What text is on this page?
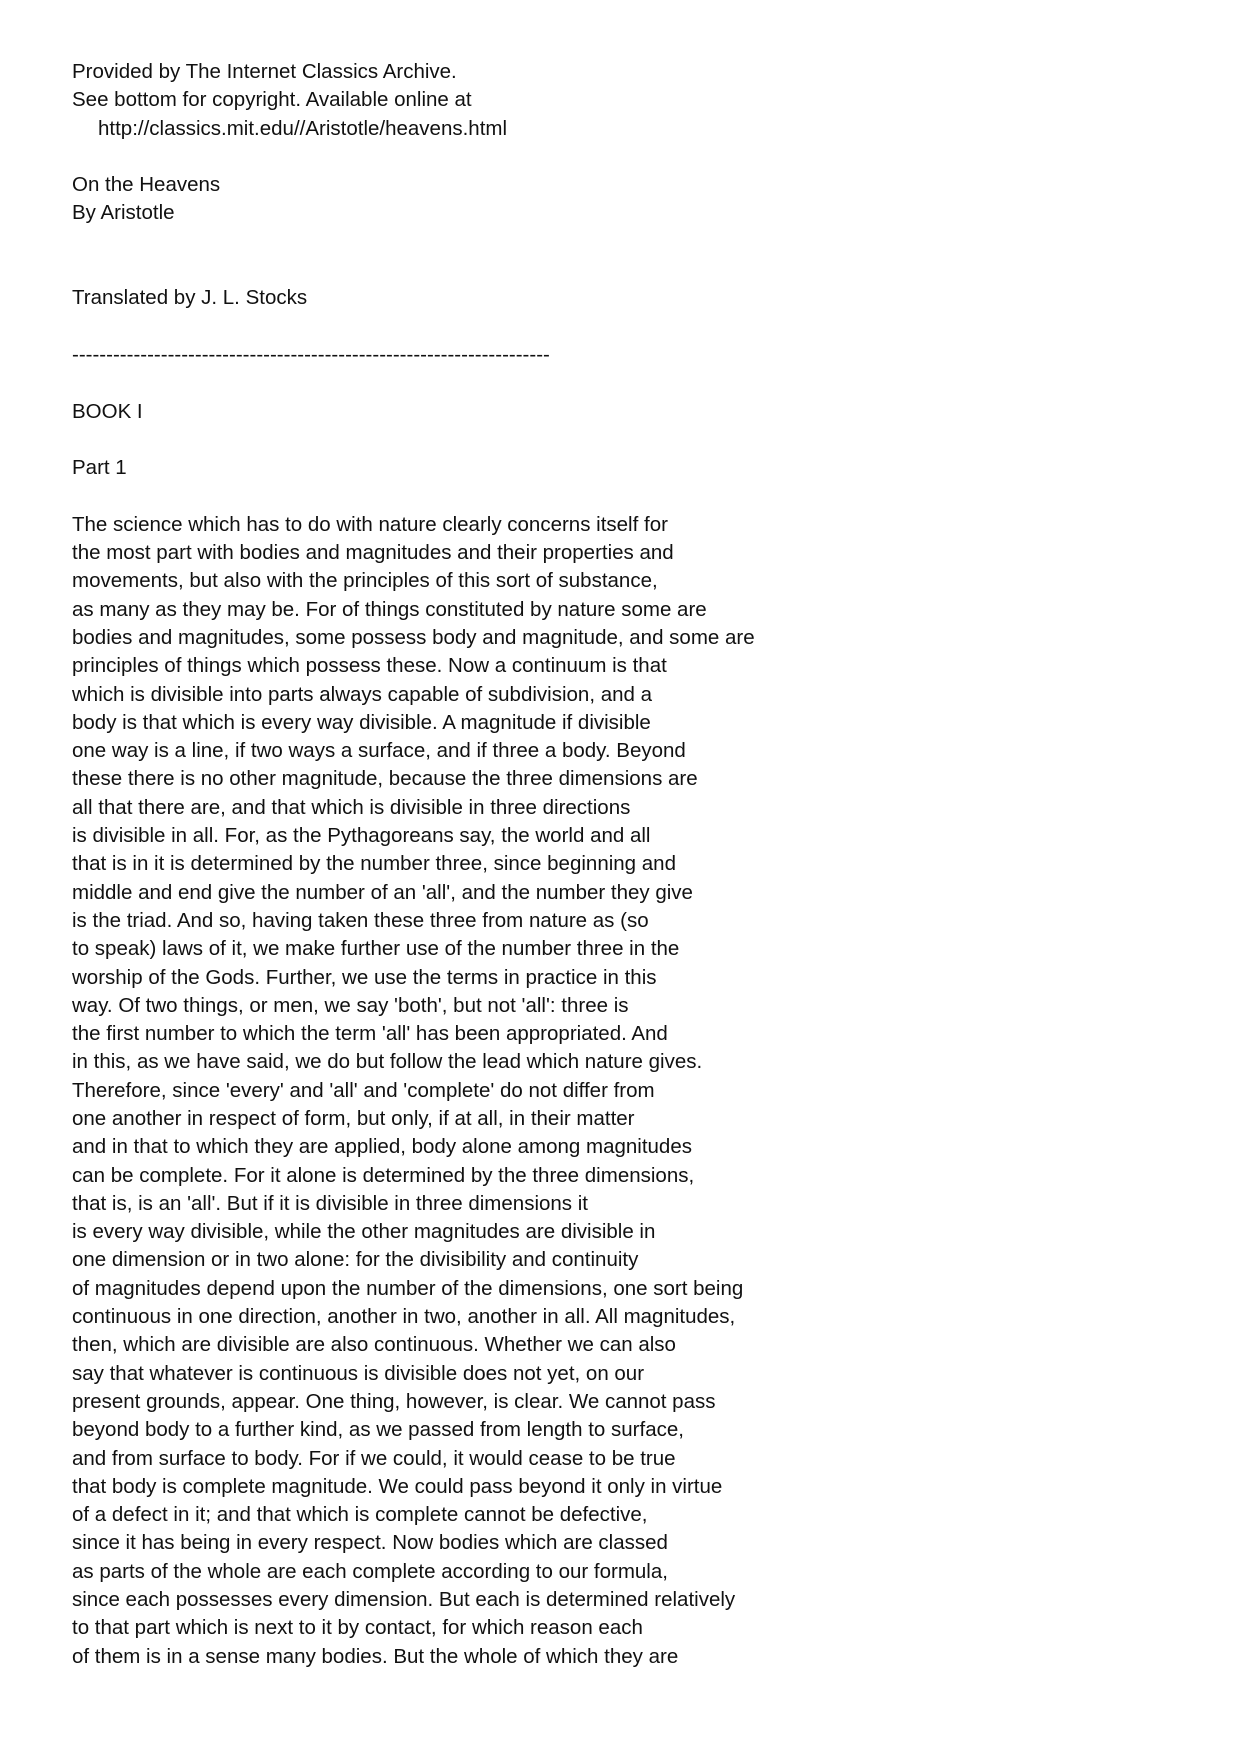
Provided by The Internet Classics Archive.
See bottom for copyright. Available online at
http://classics.mit.edu//Aristotle/heavens.html
On the Heavens
By Aristotle
Translated by J. L. Stocks
----------------------------------------------------------------------
BOOK I
Part 1
The science which has to do with nature clearly concerns itself for
the most part with bodies and magnitudes and their properties and
movements, but also with the principles of this sort of substance,
as many as they may be. For of things constituted by nature some are
bodies and magnitudes, some possess body and magnitude, and some are
principles of things which possess these. Now a continuum is that
which is divisible into parts always capable of subdivision, and a
body is that which is every way divisible. A magnitude if divisible
one way is a line, if two ways a surface, and if three a body. Beyond
these there is no other magnitude, because the three dimensions are
all that there are, and that which is divisible in three directions
is divisible in all. For, as the Pythagoreans say, the world and all
that is in it is determined by the number three, since beginning and
middle and end give the number of an 'all', and the number they give
is the triad. And so, having taken these three from nature as (so
to speak) laws of it, we make further use of the number three in the
worship of the Gods. Further, we use the terms in practice in this
way. Of two things, or men, we say 'both', but not 'all': three is
the first number to which the term 'all' has been appropriated. And
in this, as we have said, we do but follow the lead which nature gives.
Therefore, since 'every' and 'all' and 'complete' do not differ from
one another in respect of form, but only, if at all, in their matter
and in that to which they are applied, body alone among magnitudes
can be complete. For it alone is determined by the three dimensions,
that is, is an 'all'. But if it is divisible in three dimensions it
is every way divisible, while the other magnitudes are divisible in
one dimension or in two alone: for the divisibility and continuity
of magnitudes depend upon the number of the dimensions, one sort being
continuous in one direction, another in two, another in all. All magnitudes,
then, which are divisible are also continuous. Whether we can also
say that whatever is continuous is divisible does not yet, on our
present grounds, appear. One thing, however, is clear. We cannot pass
beyond body to a further kind, as we passed from length to surface,
and from surface to body. For if we could, it would cease to be true
that body is complete magnitude. We could pass beyond it only in virtue
of a defect in it; and that which is complete cannot be defective,
since it has being in every respect. Now bodies which are classed
as parts of the whole are each complete according to our formula,
since each possesses every dimension. But each is determined relatively
to that part which is next to it by contact, for which reason each
of them is in a sense many bodies. But the whole of which they are
